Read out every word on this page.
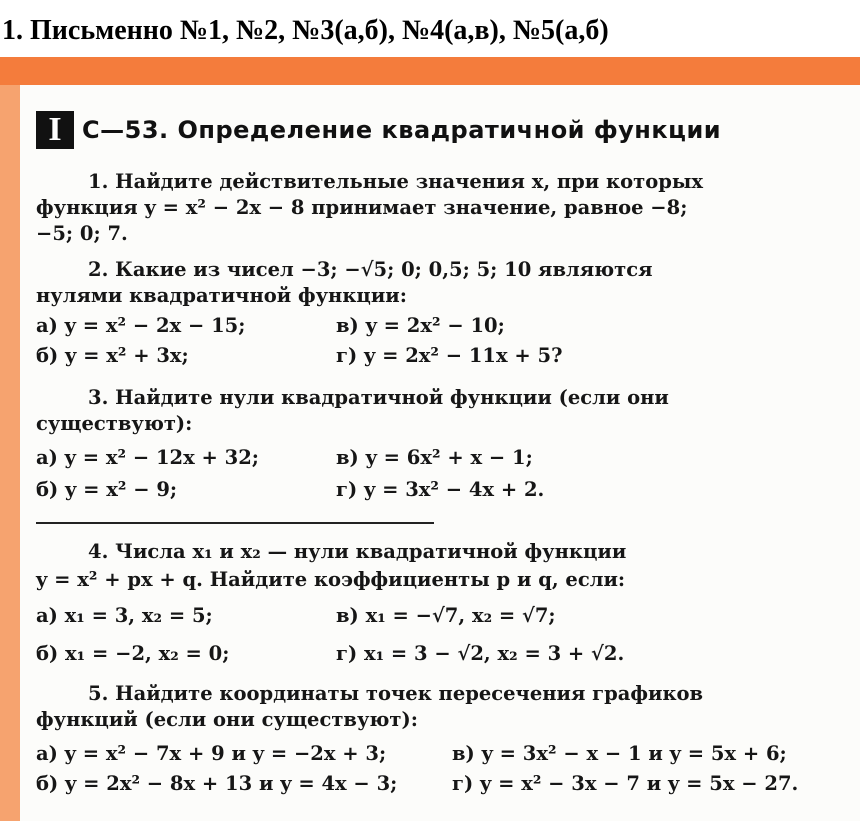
1. Письменно №1, №2, №3(а,б), №4(а,в), №5(а,б)
I С—53. Определение квадратичной функции
1. Найдите действительные значения x, при которых
функция y = x² − 2x − 8 принимает значение, равное −8;
−5; 0; 7.
2. Какие из чисел −3; −√5; 0; 0,5; 5; 10 являются
нулями квадратичной функции:
а) y = x² − 2x − 15;	в) y = 2x² − 10;
б) y = x² + 3x;	г) y = 2x² − 11x + 5?
3. Найдите нули квадратичной функции (если они
существуют):
а) y = x² − 12x + 32;	в) y = 6x² + x − 1;
б) y = x² − 9;	г) y = 3x² − 4x + 2.
4. Числа x₁ и x₂ — нули квадратичной функции
y = x² + px + q. Найдите коэффициенты p и q, если:
а) x₁ = 3, x₂ = 5;	в) x₁ = −√7, x₂ = √7;
б) x₁ = −2, x₂ = 0;	г) x₁ = 3 − √2, x₂ = 3 + √2.
5. Найдите координаты точек пересечения графиков
функций (если они существуют):
а) y = x² − 7x + 9 и y = −2x + 3;	в) y = 3x² − x − 1 и y = 5x + 6;
б) y = 2x² − 8x + 13 и y = 4x − 3;	г) y = x² − 3x − 7 и y = 5x − 27.
